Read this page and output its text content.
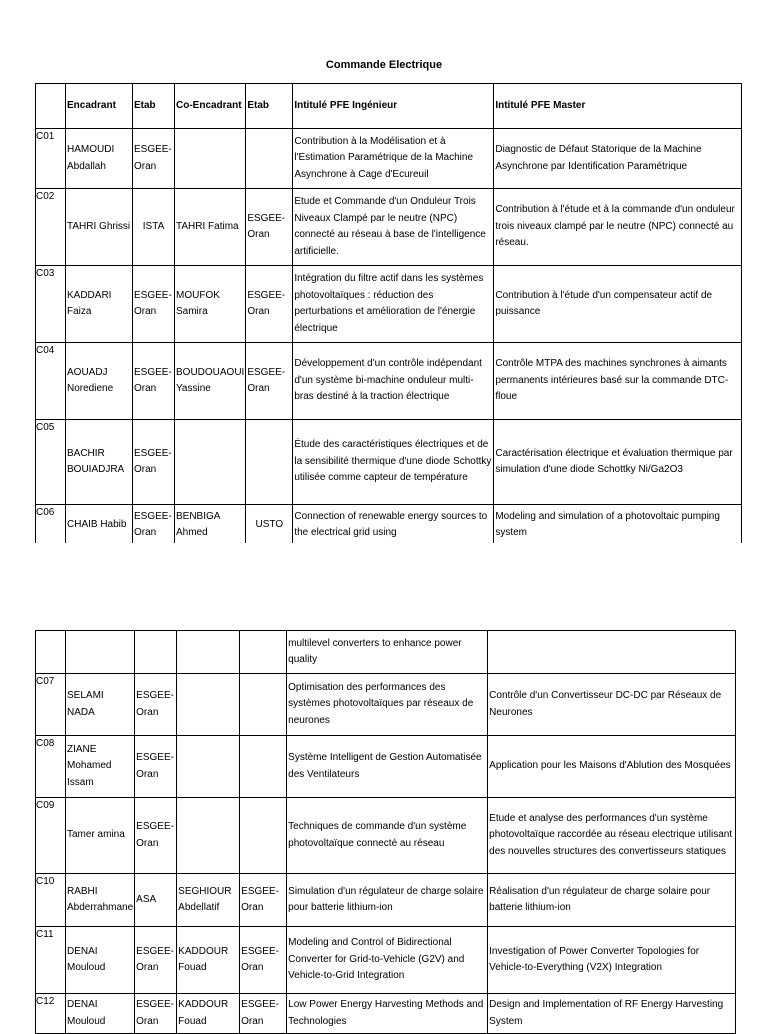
Commande Electrique
	Encadrant	Etab	Co-Encadrant	Etab	Intitulé PFE Ingénieur	Intitulé PFE Master
C01	HAMOUDI Abdallah	ESGEE-Oran			Contribution à la Modélisation et à l'Estimation Paramétrique de la Machine Asynchrone à Cage d'Ecureuil	Diagnostic de Défaut Statorique de la Machine Asynchrone par Identification Paramétrique
C02	TAHRI Ghrissi	ISTA	TAHRI Fatima	ESGEE-Oran	Etude et Commande d'un Onduleur Trois Niveaux Clampé par le neutre (NPC) connecté au réseau à base de l'intelligence artificielle.	Contribution à l'étude et à la commande d'un onduleur trois niveaux clampé par le neutre (NPC) connecté au réseau.
C03	KADDARI Faiza	ESGEE-Oran	MOUFOK Samira	ESGEE-Oran	Intégration du filtre actif dans les systèmes photovoltaïques : réduction des perturbations et amélioration de l'énergie électrique	Contribution à l'étude d'un compensateur actif de puissance
C04	AOUADJ Norediene	ESGEE-Oran	BOUDOUAOUI Yassine	ESGEE-Oran	Développement d'un contrôle indépendant d'un système bi-machine onduleur multi-bras destiné à la traction électrique	Contrôle MTPA des machines synchrones à aimants permanents intérieures basé sur la commande DTC-floue
C05	BACHIR BOUIADJRA	ESGEE-Oran			Étude des caractéristiques électriques et de la sensibilité thermique d'une diode Schottky utilisée comme capteur de température	Caractérisation électrique et évaluation thermique par simulation d'une diode Schottky Ni/Ga2O3
C06	CHAIB Habib	ESGEE-Oran	BENBIGA Ahmed	USTO	Connection of renewable energy sources to the electrical grid using	Modeling and simulation of a photovoltaic pumping system
					multilevel converters to enhance power quality	
C07	SELAMI NADA	ESGEE-Oran			Optimisation des performances des systèmes photovoltaïques par réseaux de neurones	Contrôle d'un Convertisseur DC-DC par Réseaux de Neurones
C08	ZIANE Mohamed Issam	ESGEE-Oran			Système Intelligent de Gestion Automatisée des Ventilateurs	Application pour les Maisons d'Ablution des Mosquées
C09	Tamer amina	ESGEE-Oran			Techniques de commande d'un système photovoltaïque connecté au réseau	Etude et analyse des performances d'un système photovoltaïque raccordée au réseau electrique utilisant des nouvelles structures des convertisseurs statiques
C10	RABHI Abderrahmane	ASA	SEGHIOUR Abdellatif	ESGEE-Oran	Simulation d'un régulateur de charge solaire pour batterie lithium-ion	Réalisation d'un régulateur de charge solaire pour batterie lithium-ion
C11	DENAI Mouloud	ESGEE-Oran	KADDOUR Fouad	ESGEE-Oran	Modeling and Control of Bidirectional Converter for Grid-to-Vehicle (G2V) and Vehicle-to-Grid Integration	Investigation of Power Converter Topologies for Vehicle-to-Everything (V2X) Integration
C12	DENAI Mouloud	ESGEE-Oran	KADDOUR Fouad	ESGEE-Oran	Low Power Energy Harvesting Methods and Technologies	Design and Implementation of RF Energy Harvesting System
